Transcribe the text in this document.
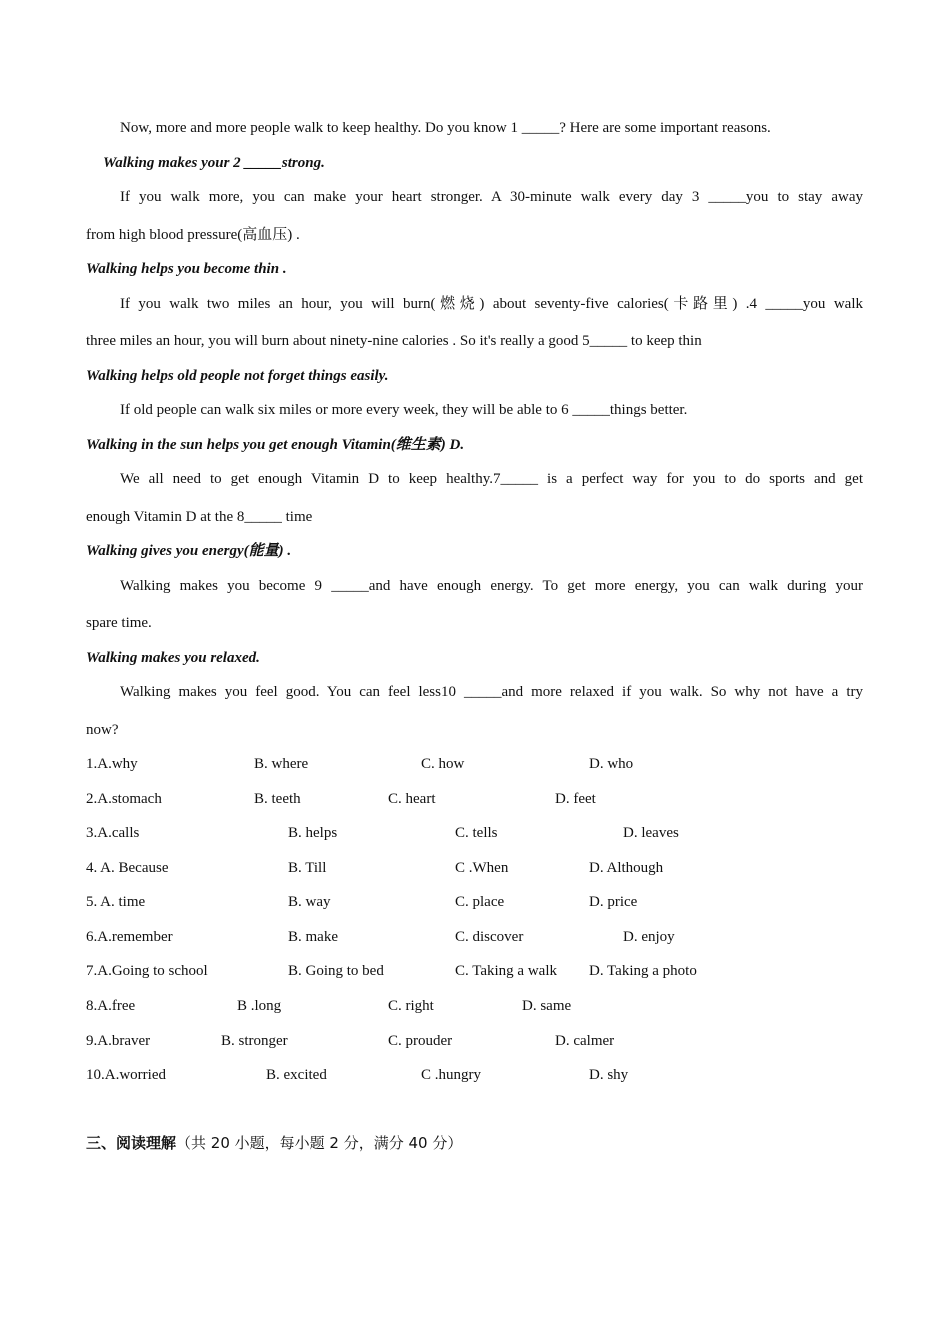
Now, more and more people walk to keep healthy. Do you know 1 _____? Here are some important reasons.
Walking makes your 2 _____strong.
If you walk more, you can make your heart stronger. A 30-minute walk every day 3 _____you to stay away
from high blood pressure(高血压) .
Walking helps you become thin .
If you walk two miles an hour, you will burn(燃烧) about seventy-five calories(卡路里) .4 _____you walk
three miles an hour, you will burn about ninety-nine calories . So it's really a good 5_____ to keep thin
Walking helps old people not forget things easily.
If old people can walk six miles or more every week, they will be able to 6 _____things better.
Walking in the sun helps you get enough Vitamin(维生素) D.
We all need to get enough Vitamin D to keep healthy.7_____ is a perfect way for you to do sports and get
enough Vitamin D at the 8_____ time
Walking gives you energy(能量) .
Walking makes you become 9 _____and have enough energy. To get more energy, you can walk during your
spare time.
Walking makes you relaxed.
Walking makes you feel good. You can feel less10 _____and more relaxed if you walk. So why not have a try
now?
1.A.why	B. where	C. how	D. who
2.A.stomach	B. teeth	C. heart	D. feet
3.A.calls	B. helps	C. tells	D. leaves
4. A. Because	B. Till	C .When	D. Although
5. A. time	B. way	C. place	D. price
6.A.remember	B. make	C. discover	D. enjoy
7.A.Going to school	B. Going to bed	C. Taking a walk D. Taking a photo
8.A.free	B .long	C. right	D. same
9.A.braver	B. stronger	C. prouder	D. calmer
10.A.worried	B. excited	C .hungry	D. shy
三、阅读理解（共 20 小题，每小题 2 分，满分 40 分）
